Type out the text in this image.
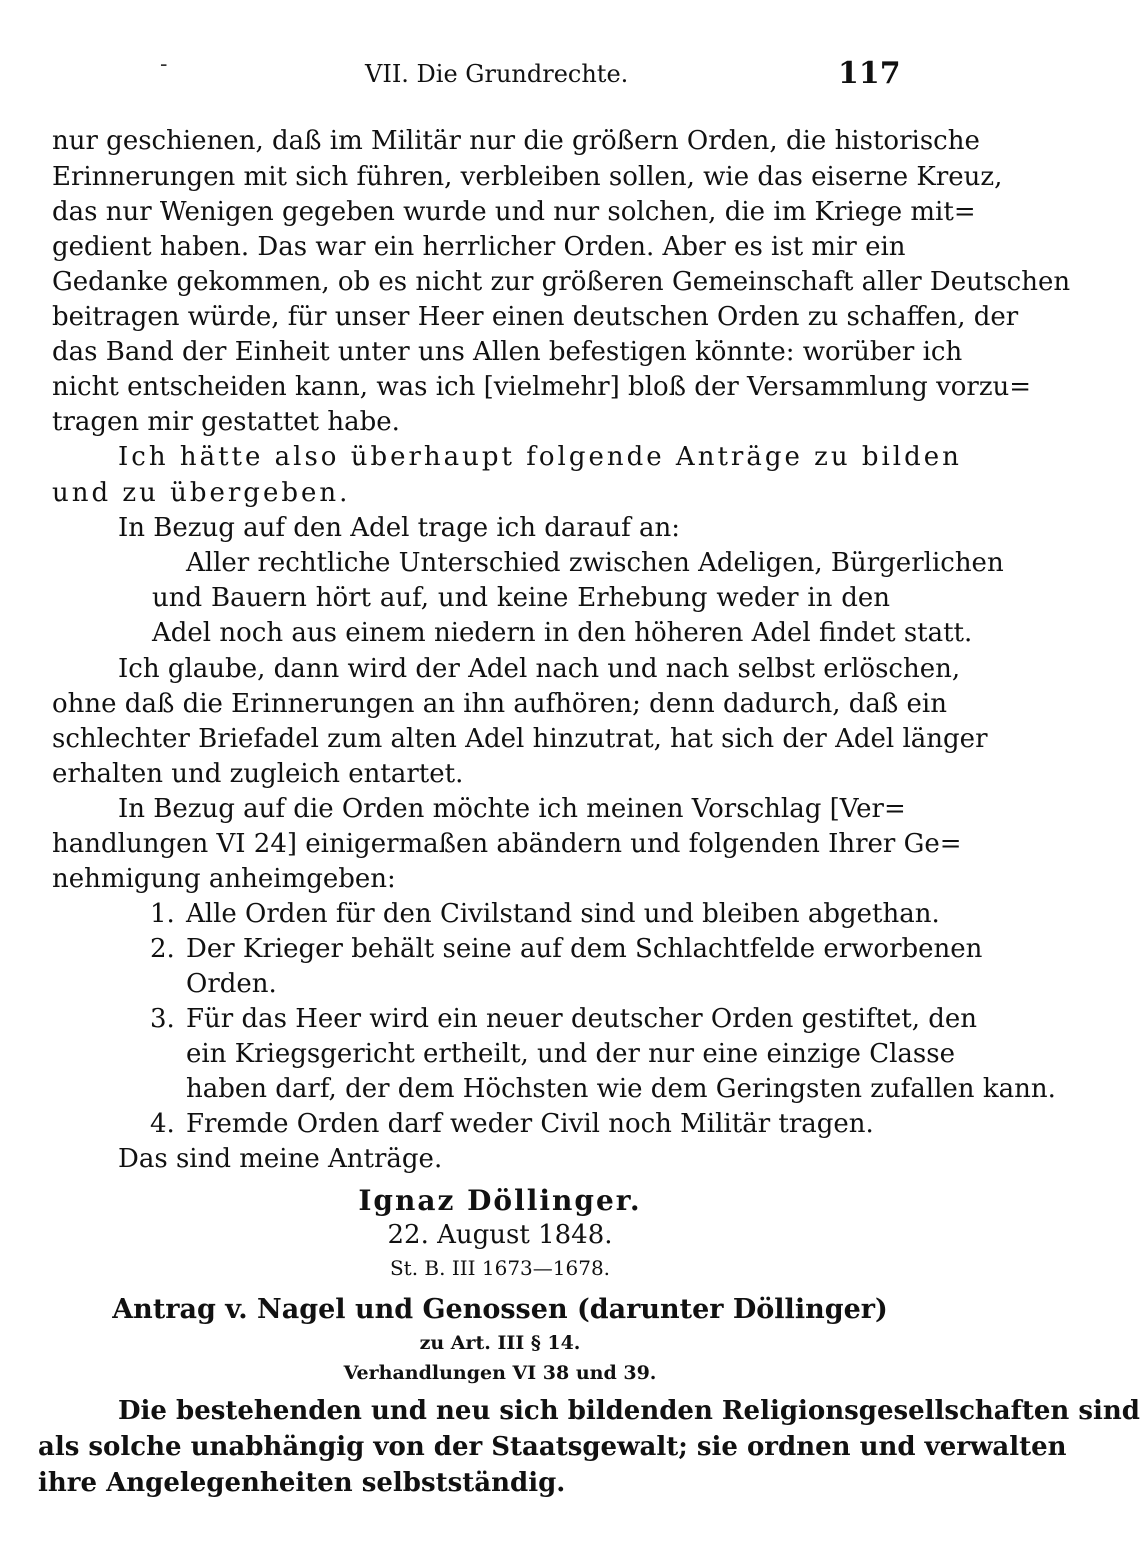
-	VII. Die Grundrechte.	117
nur geschienen, daß im Militär nur die größern Orden, die historische
Erinnerungen mit sich führen, verbleiben sollen, wie das eiserne Kreuz,
das nur Wenigen gegeben wurde und nur solchen, die im Kriege mit=
gedient haben. Das war ein herrlicher Orden. Aber es ist mir ein
Gedanke gekommen, ob es nicht zur größeren Gemeinschaft aller Deutschen
beitragen würde, für unser Heer einen deutschen Orden zu schaffen, der
das Band der Einheit unter uns Allen befestigen könnte: worüber ich
nicht entscheiden kann, was ich [vielmehr] bloß der Versammlung vorzu=
tragen mir gestattet habe.
Ich hätte also überhaupt folgende Anträge zu bilden
und zu übergeben.
In Bezug auf den Adel trage ich darauf an:
Aller rechtliche Unterschied zwischen Adeligen, Bürgerlichen
und Bauern hört auf, und keine Erhebung weder in den
Adel noch aus einem niedern in den höheren Adel findet statt.
Ich glaube, dann wird der Adel nach und nach selbst erlöschen,
ohne daß die Erinnerungen an ihn aufhören; denn dadurch, daß ein
schlechter Briefadel zum alten Adel hinzutrat, hat sich der Adel länger
erhalten und zugleich entartet.
In Bezug auf die Orden möchte ich meinen Vorschlag [Ver=
handlungen VI 24] einigermaßen abändern und folgenden Ihrer Ge=
nehmigung anheimgeben:
1. Alle Orden für den Civilstand sind und bleiben abgethan.
2. Der Krieger behält seine auf dem Schlachtfelde erworbenen
Orden.
3. Für das Heer wird ein neuer deutscher Orden gestiftet, den
ein Kriegsgericht ertheilt, und der nur eine einzige Classe
haben darf, der dem Höchsten wie dem Geringsten zufallen kann.
4. Fremde Orden darf weder Civil noch Militär tragen.
Das sind meine Anträge.
Ignaz Döllinger.
22. August 1848.
St. B. III 1673—1678.
Antrag v. Nagel und Genossen (darunter Döllinger)
zu Art. III § 14.
Verhandlungen VI 38 und 39.
Die bestehenden und neu sich bildenden Religionsgesellschaften sind
als solche unabhängig von der Staatsgewalt; sie ordnen und verwalten
ihre Angelegenheiten selbstständig.
